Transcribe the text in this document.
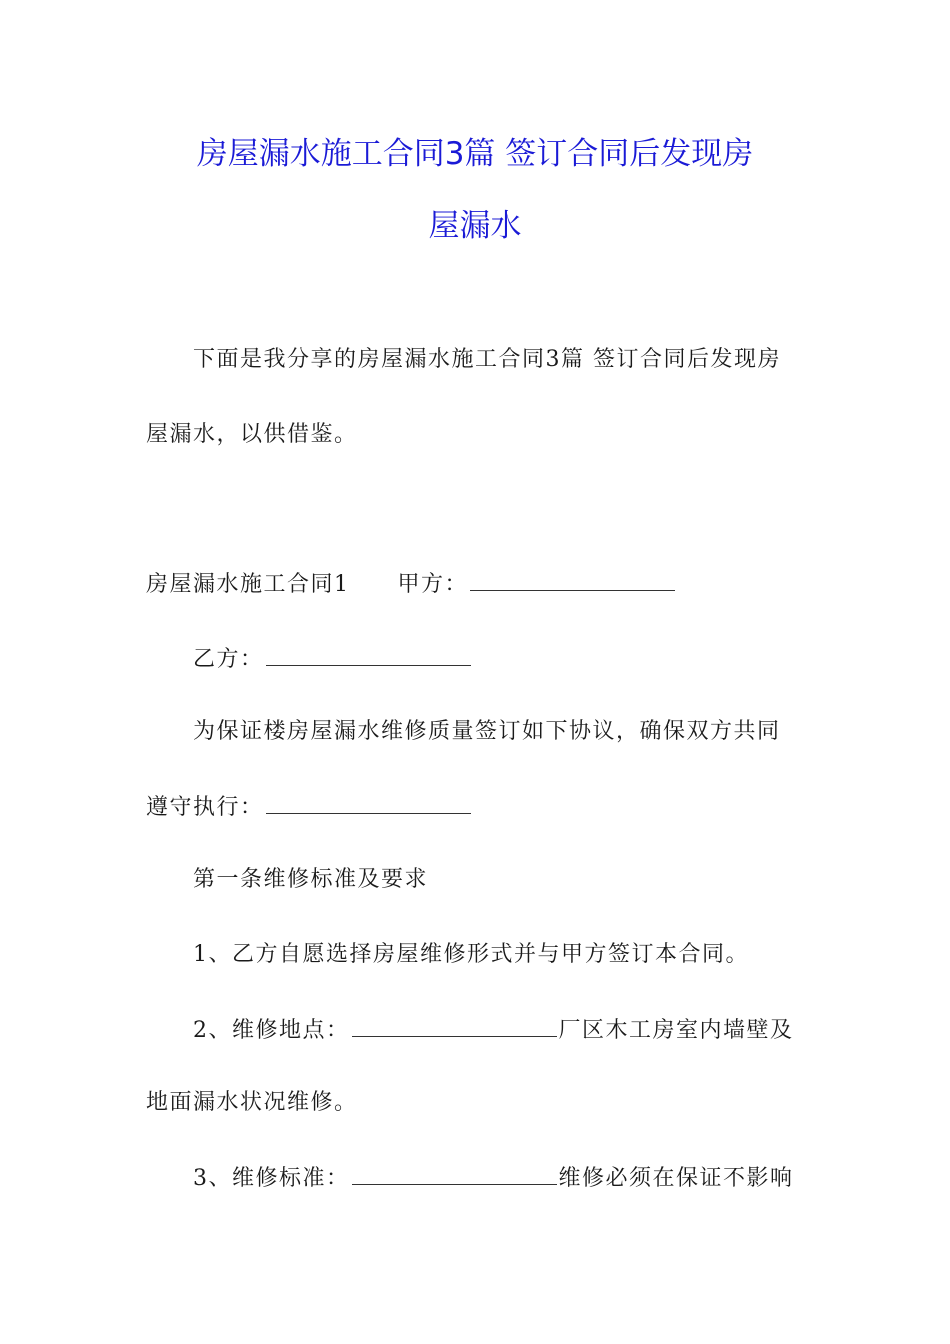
房屋漏水施工合同3篇 签订合同后发现房
屋漏水
下面是我分享的房屋漏水施工合同3篇 签订合同后发现房
屋漏水，以供借鉴。
房屋漏水施工合同1 甲方：
乙方：
为保证楼房屋漏水维修质量签订如下协议，确保双方共同
遵守执行：
第一条维修标准及要求
1、乙方自愿选择房屋维修形式并与甲方签订本合同。
2、维修地点：	厂区木工房室内墙壁及
地面漏水状况维修。
3、维修标准：	维修必须在保证不影响
